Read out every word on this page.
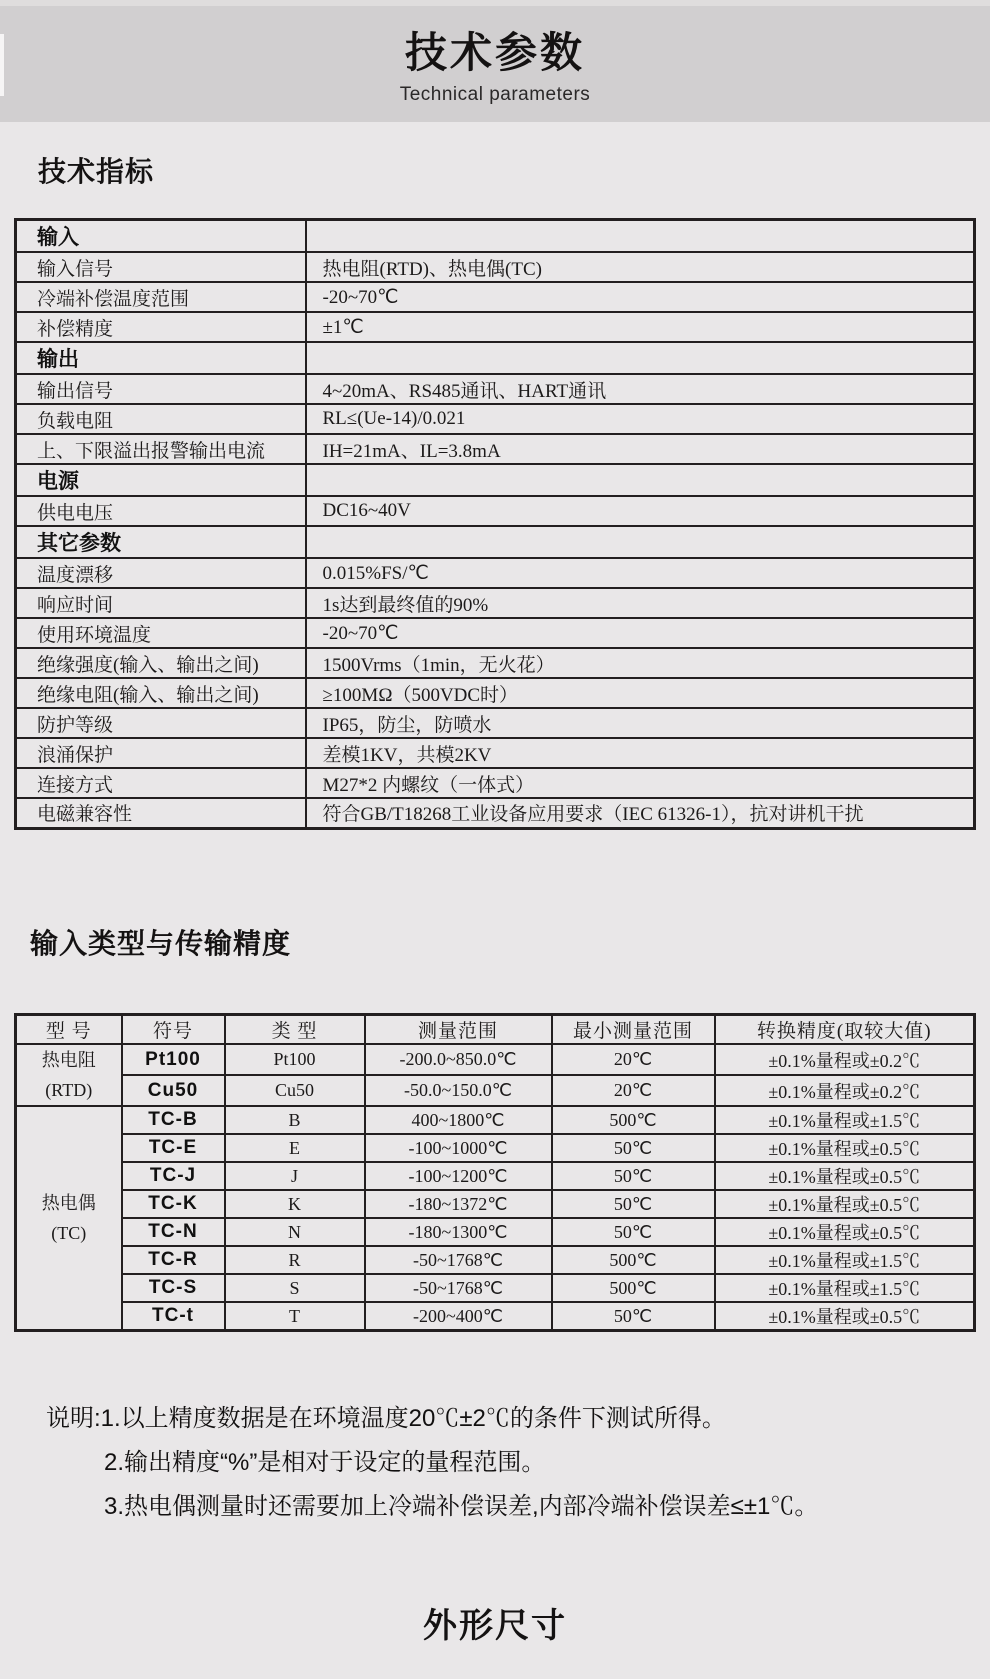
技术参数
Technical parameters
技术指标
输入	
输入信号	热电阻(RTD)、热电偶(TC)
冷端补偿温度范围	-20~70℃
补偿精度	±1℃
输出	
输出信号	4~20mA、RS485通讯、HART通讯
负载电阻	RL≤(Ue-14)/0.021
上、下限溢出报警输出电流	IH=21mA、IL=3.8mA
电源	
供电电压	DC16~40V
其它参数	
温度漂移	0.015%FS/℃
响应时间	1s达到最终值的90%
使用环境温度	-20~70℃
绝缘强度(输入、输出之间)	1500Vrms（1min，无火花）
绝缘电阻(输入、输出之间)	≥100MΩ（500VDC时）
防护等级	IP65，防尘，防喷水
浪涌保护	差模1KV，共模2KV
连接方式	M27*2 内螺纹（一体式）
电磁兼容性	符合GB/T18268工业设备应用要求（IEC 61326-1），抗对讲机干扰
输入类型与传输精度
型 号	符号	类 型	测量范围	最小测量范围	转换精度(取较大值)

热电阻
(RTD)	Pt100	Pt100	-200.0~850.0℃	20℃	±0.1%量程或±0.2℃
	Cu50	Cu50	-50.0~150.0℃	20℃	±0.1%量程或±0.2℃

热电偶
(TC)	TC-B	B	400~1800℃	500℃	±0.1%量程或±1.5℃
	TC-E	E	-100~1000℃	50℃	±0.1%量程或±0.5℃
	TC-J	J	-100~1200℃	50℃	±0.1%量程或±0.5℃
	TC-K	K	-180~1372℃	50℃	±0.1%量程或±0.5℃
	TC-N	N	-180~1300℃	50℃	±0.1%量程或±0.5℃
	TC-R	R	-50~1768℃	500℃	±0.1%量程或±1.5℃
	TC-S	S	-50~1768℃	500℃	±0.1%量程或±1.5℃
	TC-t	T	-200~400℃	50℃	±0.1%量程或±0.5℃
说明:1.以上精度数据是在环境温度20℃±2℃的条件下测试所得。
2.输出精度“%”是相对于设定的量程范围。
3.热电偶测量时还需要加上冷端补偿误差,内部冷端补偿误差≤±1℃。
外形尺寸
